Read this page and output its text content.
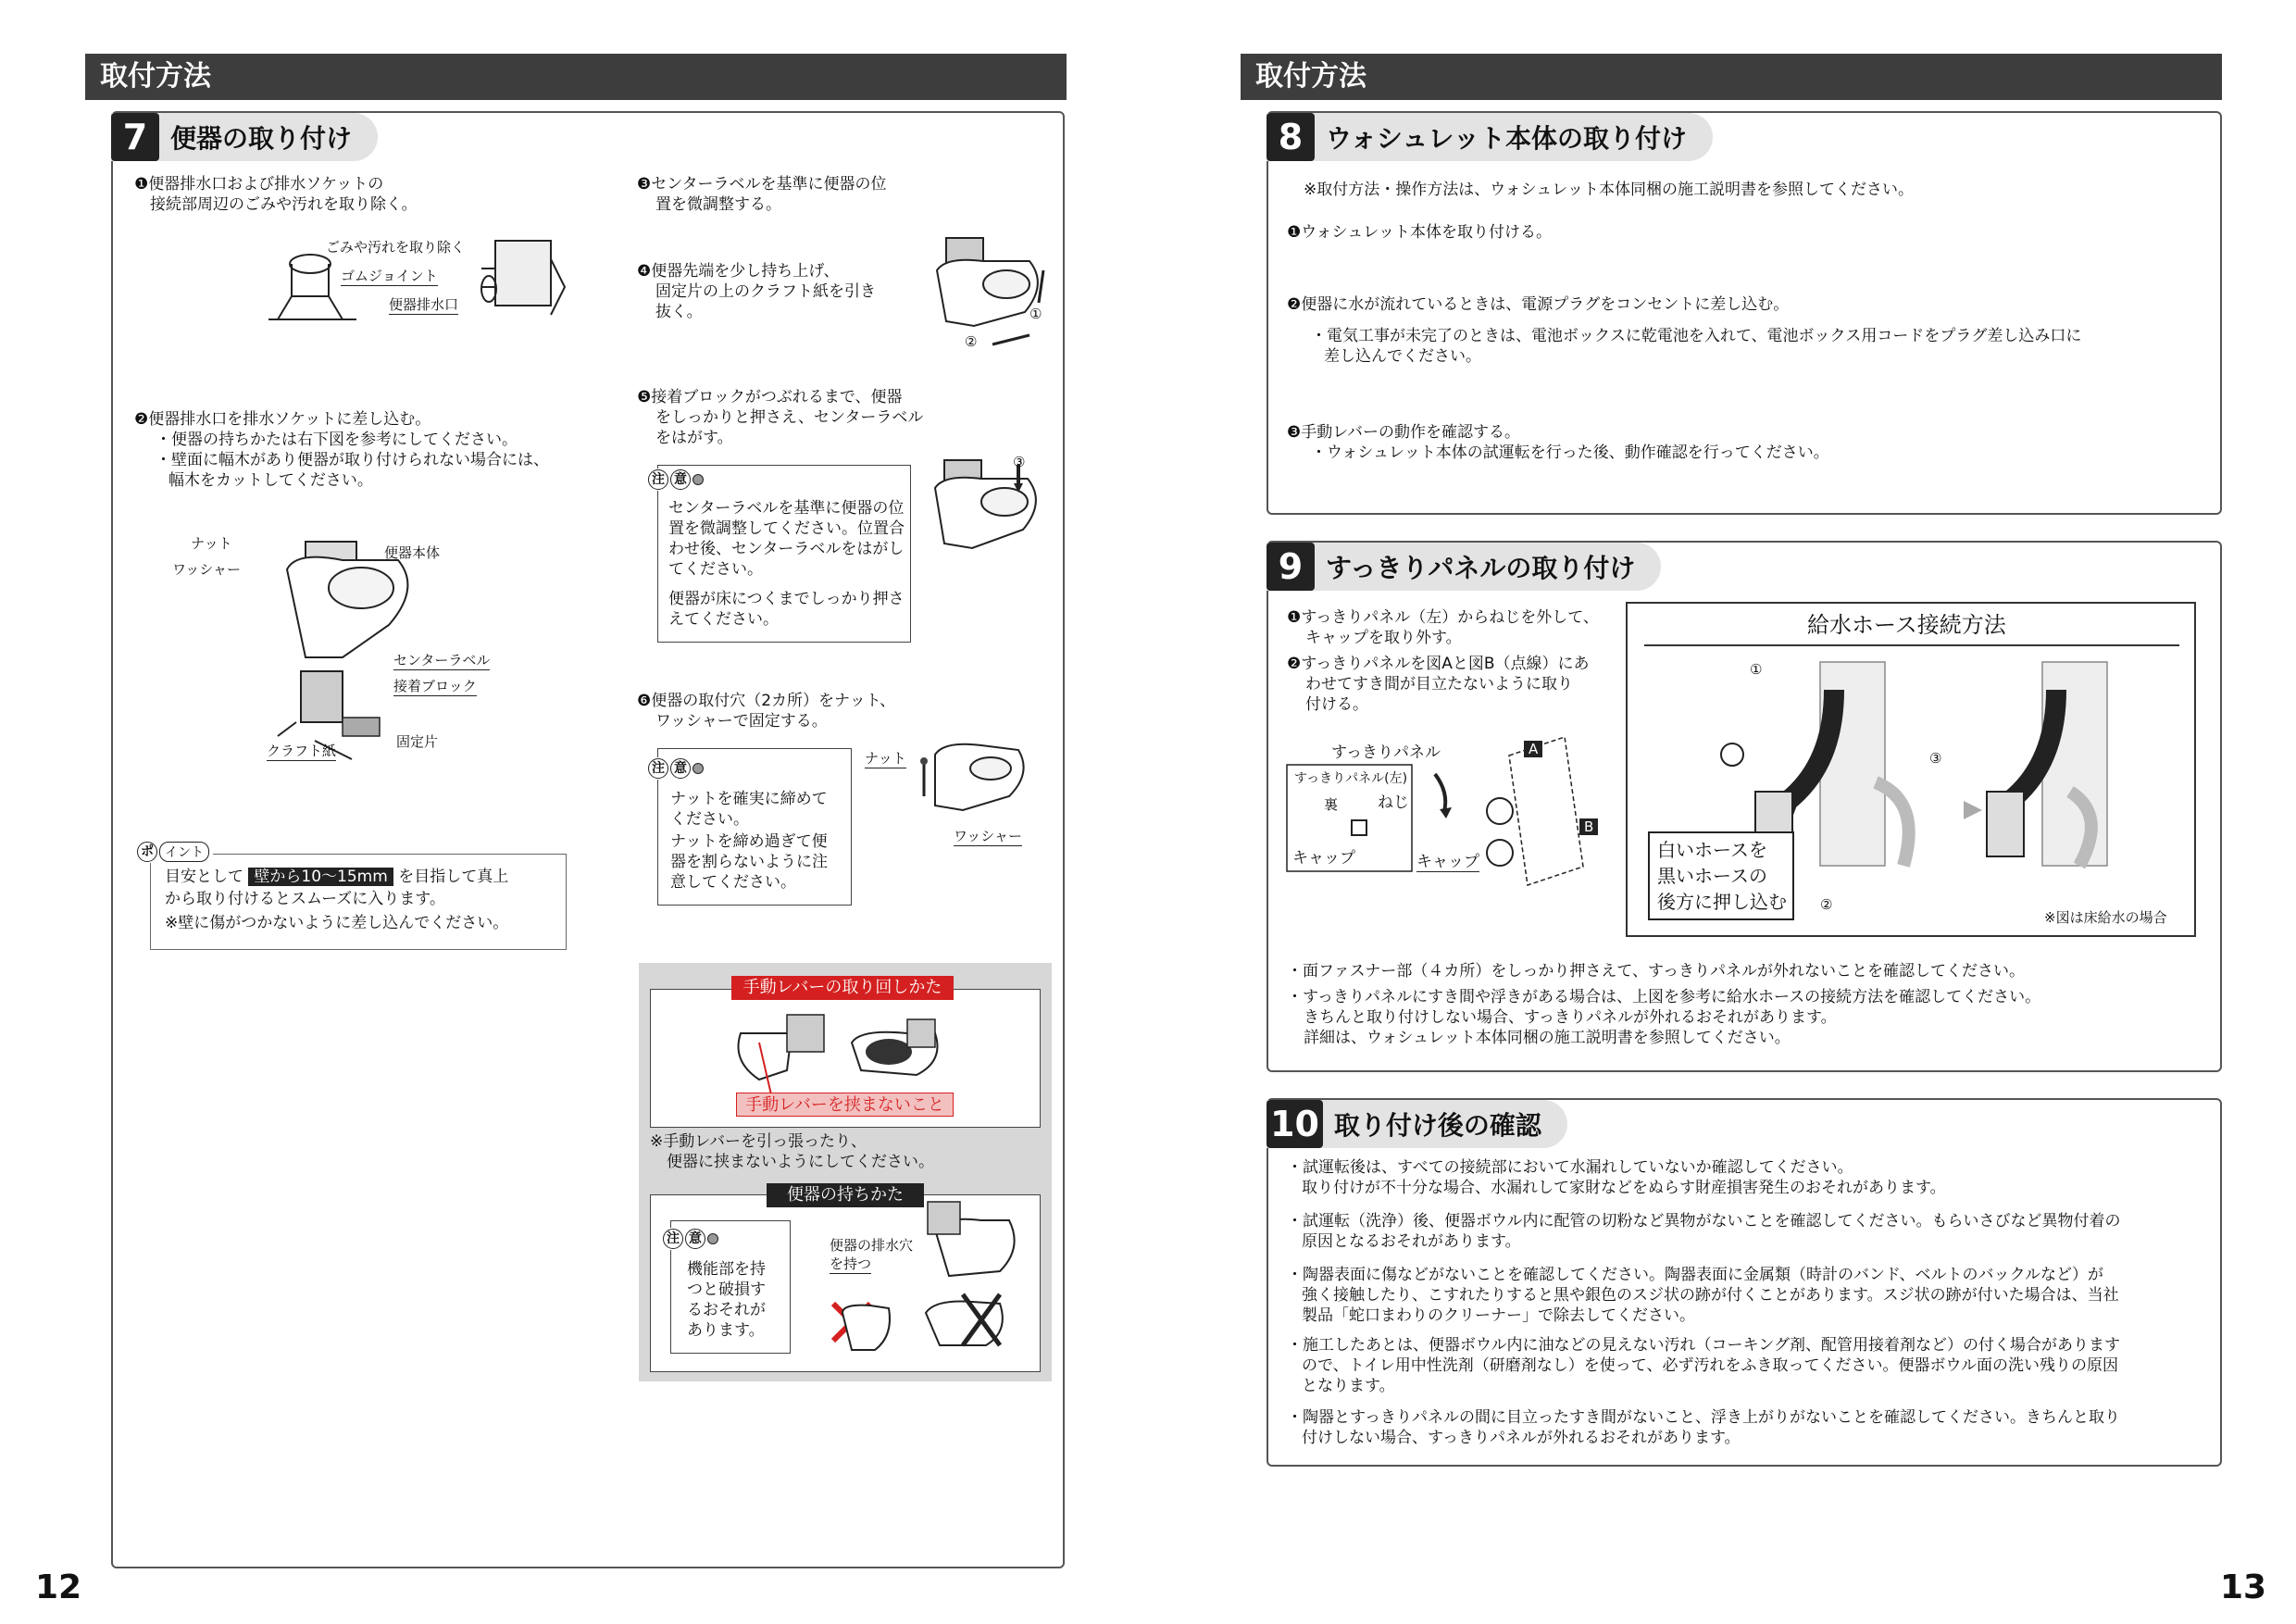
取付方法
7 便器の取り付け
❶便器排水口および排水ソケットの
接続部周辺のごみや汚れを取り除く。
ごみや汚れを取り除く
ゴムジョイント
便器排水口
❷便器排水口を排水ソケットに差し込む。
・便器の持ちかたは右下図を参考にしてください。
・壁面に幅木があり便器が取り付けられない場合には、
幅木をカットしてください。
ナット
ワッシャー
便器本体
センターラベル
接着ブロック
固定片
クラフト紙
ポ イント
目安として 壁から10〜15mm を目指して真上
から取り付けるとスムーズに入ります。
※壁に傷がつかないように差し込んでください。
❸センターラベルを基準に便器の位
置を微調整する。
❹便器先端を少し持ち上げ、
固定片の上のクラフト紙を引き
抜く。	①
②
❺接着ブロックがつぶれるまで、便器
をしっかりと押さえ、センターラベル
をはがす。
注 意
センターラベルを基準に便器の位
置を微調整してください。位置合
わせ後、センターラベルをはがし
てください。
便器が床につくまでしっかり押さ
えてください。
③
❻便器の取付穴（2カ所）をナット、
ワッシャーで固定する。
注 意
ナットを確実に締めて
ください。
ナットを締め過ぎて便
器を割らないように注
意してください。
ナット
ワッシャー
手動レバーの取り回しかた
手動レバーを挟まないこと
※手動レバーを引っ張ったり、
便器に挟まないようにしてください。
便器の持ちかた
注 意
機能部を持
つと破損す
るおそれが
あります。
便器の排水穴
を持つ
12
取付方法
8 ウォシュレット本体の取り付け
※取付方法・操作方法は、ウォシュレット本体同梱の施工説明書を参照してください。
❶ウォシュレット本体を取り付ける。
❷便器に水が流れているときは、電源プラグをコンセントに差し込む。
・電気工事が未完了のときは、電池ボックスに乾電池を入れて、電池ボックス用コードをプラグ差し込み口に
差し込んでください。
❸手動レバーの動作を確認する。
・ウォシュレット本体の試運転を行った後、動作確認を行ってください。
9 すっきりパネルの取り付け
❶すっきりパネル（左）からねじを外して、
キャップを取り外す。
❷すっきりパネルを図Aと図B（点線）にあ
わせてすき間が目立たないように取り
付ける。
すっきりパネル
すっきりパネル(左)
裏	ねじ
キャップ	キャップ
A
B
給水ホース接続方法
①
②
③
白いホースを
黒いホースの
後方に押し込む
※図は床給水の場合
・面ファスナー部（４カ所）をしっかり押さえて、すっきりパネルが外れないことを確認してください。
・すっきりパネルにすき間や浮きがある場合は、上図を参考に給水ホースの接続方法を確認してください。
きちんと取り付けしない場合、すっきりパネルが外れるおそれがあります。
詳細は、ウォシュレット本体同梱の施工説明書を参照してください。
10 取り付け後の確認
・試運転後は、すべての接続部において水漏れしていないか確認してください。
取り付けが不十分な場合、水漏れして家財などをぬらす財産損害発生のおそれがあります。
・試運転（洗浄）後、便器ボウル内に配管の切粉など異物がないことを確認してください。もらいさびなど異物付着の
原因となるおそれがあります。
・陶器表面に傷などがないことを確認してください。陶器表面に金属類（時計のバンド、ベルトのバックルなど）が
強く接触したり、こすれたりすると黒や銀色のスジ状の跡が付くことがあります。スジ状の跡が付いた場合は、当社
製品「蛇口まわりのクリーナー」で除去してください。
・施工したあとは、便器ボウル内に油などの見えない汚れ（コーキング剤、配管用接着剤など）の付く場合があります
ので、トイレ用中性洗剤（研磨剤なし）を使って、必ず汚れをふき取ってください。便器ボウル面の洗い残りの原因
となります。
・陶器とすっきりパネルの間に目立ったすき間がないこと、浮き上がりがないことを確認してください。きちんと取り
付けしない場合、すっきりパネルが外れるおそれがあります。
13
